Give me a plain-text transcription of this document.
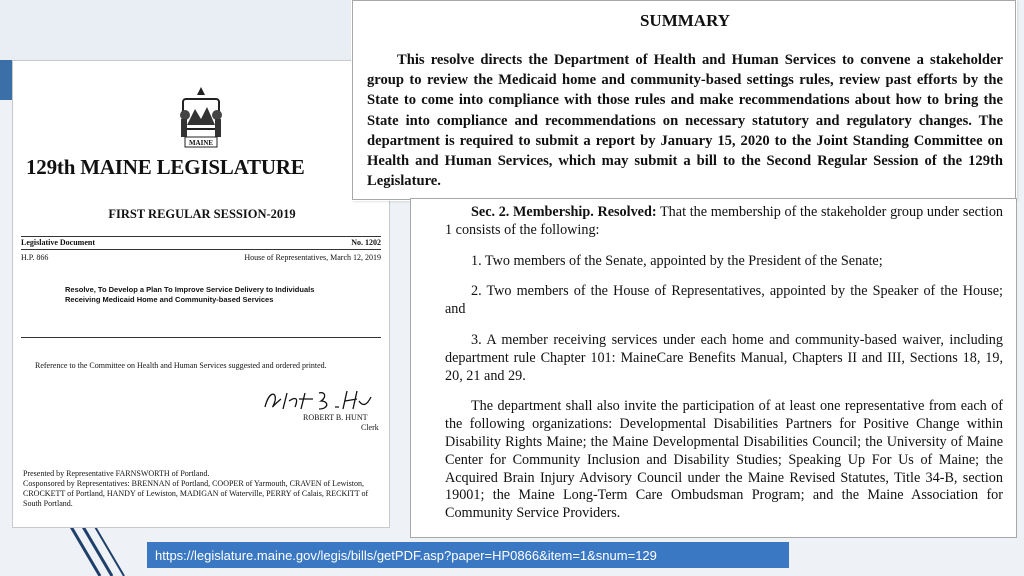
MAINE
129th MAINE LEGISLATURE
FIRST REGULAR SESSION-2019
Legislative Document	No. 1202
H.P. 866	House of Representatives, March 12, 2019
Resolve, To Develop a Plan To Improve Service Delivery to Individuals Receiving Medicaid Home and Community-based Services
Reference to the Committee on Health and Human Services suggested and ordered printed.
ROBERT B. HUNT
Clerk
Presented by Representative FARNSWORTH of Portland.
Cosponsored by Representatives: BRENNAN of Portland, COOPER of Yarmouth, CRAVEN of Lewiston, CROCKETT of Portland, HANDY of Lewiston, MADIGAN of Waterville, PERRY of Calais, RECKITT of South Portland.
SUMMARY
This resolve directs the Department of Health and Human Services to convene a stakeholder group to review the Medicaid home and community-based settings rules, review past efforts by the State to come into compliance with those rules and make recommendations about how to bring the State into compliance and recommendations on necessary statutory and regulatory changes. The department is required to submit a report by January 15, 2020 to the Joint Standing Committee on Health and Human Services, which may submit a bill to the Second Regular Session of the 129th Legislature.

Sec. 2. Membership. Resolved: That the membership of the stakeholder group under section 1 consists of the following:

1. Two members of the Senate, appointed by the President of the Senate;

2. Two members of the House of Representatives, appointed by the Speaker of the House; and

3. A member receiving services under each home and community-based waiver, including department rule Chapter 101: MaineCare Benefits Manual, Chapters II and III, Sections 18, 19, 20, 21 and 29.

The department shall also invite the participation of at least one representative from each of the following organizations: Developmental Disabilities Partners for Positive Change within Disability Rights Maine; the Maine Developmental Disabilities Council; the University of Maine Center for Community Inclusion and Disability Studies; Speaking Up For Us of Maine; the Acquired Brain Injury Advisory Council under the Maine Revised Statutes, Title 34-B, section 19001; the Maine Long-Term Care Ombudsman Program; and the Maine Association for Community Service Providers.

https://legislature.maine.gov/legis/bills/getPDF.asp?paper=HP0866&item=1&snum=129
